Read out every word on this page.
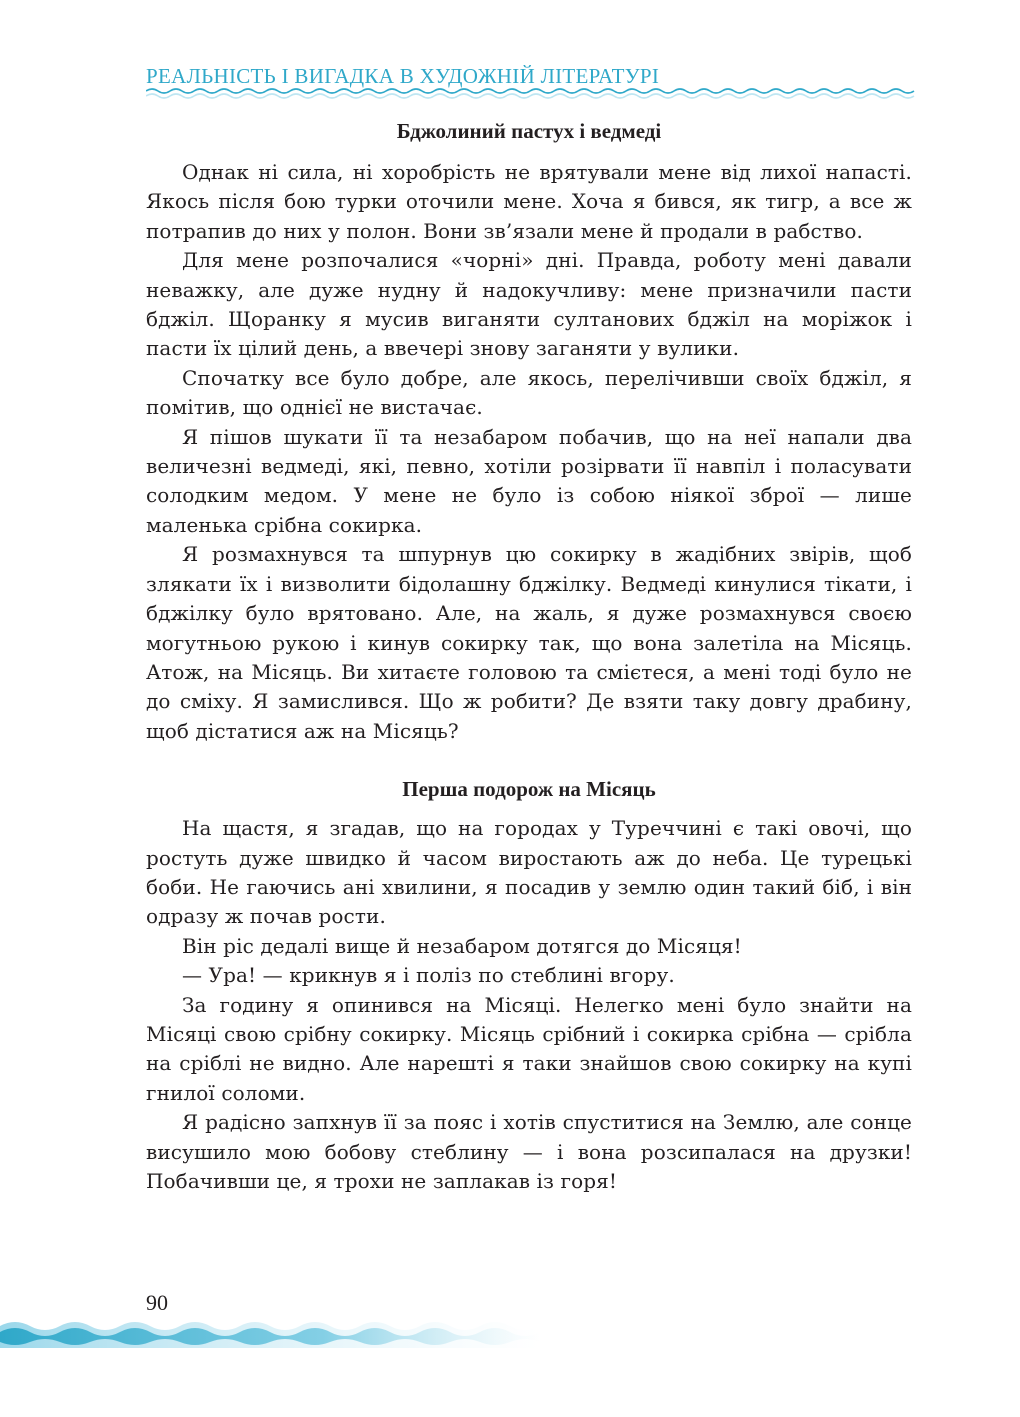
РЕАЛЬНІСТЬ І ВИГАДКА В ХУДОЖНІЙ ЛІТЕРАТУРІ
Бджолиний пастух і ведмеді

Однак ні сила, ні хоробрість не врятували мене від лихої напасті. Якось після бою турки оточили мене. Хоча я бився, як тигр, а все ж потрапив до них у полон. Вони зв’язали мене й продали в рабство.

Для мене розпочалися «чорні» дні. Правда, роботу мені давали неважку, але дуже нудну й надокучливу: мене призначили пасти бджіл. Щоранку я мусив виганяти султанових бджіл на моріжок і пасти їх цілий день, а ввечері знову заганяти у вулики.

Спочатку все було добре, але якось, перелічивши своїх бджіл, я помітив, що однієї не вистачає.

Я пішов шукати її та незабаром побачив, що на неї напали два величезні ведмеді, які, певно, хотіли розірвати її навпіл і поласувати солодким медом. У мене не було із собою ніякої зброї — лише маленька срібна сокирка.

Я розмахнувся та шпурнув цю сокирку в жадібних звірів, щоб злякати їх і визволити бідолашну бджілку. Ведмеді кинулися тікати, і бджілку було врятовано. Але, на жаль, я дуже розмахнувся своєю могутньою рукою і кинув сокирку так, що вона залетіла на Місяць. Атож, на Місяць. Ви хитаєте головою та смієтеся, а мені тоді було не до сміху. Я замислився. Що ж робити? Де взяти таку довгу драбину, щоб дістатися аж на Місяць?

Перша подорож на Місяць

На щастя, я згадав, що на городах у Туреччині є такі овочі, що ростуть дуже швидко й часом виростають аж до неба. Це турецькі боби. Не гаючись ані хвилини, я посадив у землю один такий біб, і він одразу ж почав рости.

Він ріс дедалі вище й незабаром дотягся до Місяця!

— Ура! — крикнув я і поліз по стеблині вгору.

За годину я опинився на Місяці. Нелегко мені було знайти на Місяці свою срібну сокирку. Місяць срібний і сокирка срібна — срібла на сріблі не видно. Але нарешті я таки знайшов свою сокирку на купі гнилої соломи.

Я радісно запхнув її за пояс і хотів спуститися на Землю, але сонце висушило мою бобову стеблину — і вона розсипалася на друзки! Побачивши це, я трохи не заплакав із горя!

90
